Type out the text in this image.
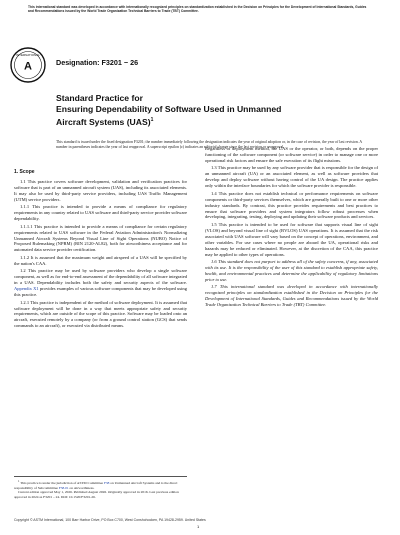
This international standard was developed in accordance with internationally recognized principles on standardization established in the Decision on Principles for the Development of International Standards, Guides and Recommendations issued by the World Trade Organization Technical Barriers to Trade (TBT) Committee.
A
INTERNATIONAL
Designation: F3201 − 26
Standard Practice for
Ensuring Dependability of Software Used in Unmanned
Aircraft Systems (UAS)$^1$
This standard is issued under the fixed designation F3201; the number immediately following the designation indicates the year of original adoption or, in the case of revision, the year of last revision. A number in parentheses indicates the year of last reapproval. A superscript epsilon (ε) indicates an editorial change since the last revision or reapproval.
1. Scope

1.1 This practice covers software development, validation and verification practices for software that is part of an unmanned aircraft system (UAS), including its associated elements. It may also be used by third-party service providers, including UAS Traffic Management (UTM) service providers.

1.1.1 This practice is intended to provide a means of compliance for regulatory requirements in any country related to UAS software and third-party service provider software dependability.

1.1.1.1 This practice is intended to provide a means of compliance for certain regulatory requirements related to UAS software in the Federal Aviation Administration's Normalizing Unmanned Aircraft Systems Beyond Visual Line of Sight Operations (NUBO) Notice of Proposed Rulemaking (NPRM) (RIN 2120-AL82), both for airworthiness acceptance and for automated data service provider certification.

1.1.2 It is assumed that the maximum weight and airspeed of a UAS will be specified by the nation's CAA.

1.2 This practice may be used by software providers who develop a single software component, as well as for end-to-end assessment of the dependability of all software integrated in a UAS. Dependability includes both the safety and security aspects of the software. Appendix X1 provides examples of various software components that may be developed using this practice.

1.2.1 This practice is independent of the method of software deployment. It is assumed that software deployment will be done in a way that meets appropriate safety and security requirements, which are outside of the scope of this practice. Software may be loaded onto an aircraft, executed remotely by a company (or from a ground control station (GCS) that sends commands to an aircraft), or executed via distributed means.

Regardless of deployment method, the UAS or the operator, or both, depends on the proper functioning of the software component (or software service) in order to manage one or more operational risk factors and ensure the safe execution of its flight missions.

1.3 This practice may be used by any software provider that is responsible for the design of an unmanned aircraft (UA) or an associated element, as well as software providers that develop and deploy software without having control of the UA design. The practice applies only within the interface boundaries for which the software provider is responsible.

1.4 This practice does not establish technical or performance requirements on software components or third-party services themselves, which are generally built to one or more other industry standards. By contrast, this practice provides requirements and best practices to ensure that software providers and system integrators follow robust processes when developing, integrating, testing, deploying and updating their software products and services.

1.5 This practice is intended to be used for software that supports visual line of sight (VLOS) and beyond visual line of sight (BVLOS) UAS operations. It is assumed that the risk associated with UAS software will vary based on the concept of operations, environment, and other variables. For use cases where no people are aboard the UA, operational risks and hazards may be reduced or eliminated. However, at the discretion of the CAA, this practice may be applied to other types of operations.

1.6 This standard does not purport to address all of the safety concerns, if any, associated with its use. It is the responsibility of the user of this standard to establish appropriate safety, health, and environmental practices and determine the applicability of regulatory limitations prior to use.

1.7 This international standard was developed in accordance with internationally recognized principles on standardization established in the Decision on Principles for the Development of International Standards, Guides and Recommendations issued by the World Trade Organization Technical Barriers to Trade (TBT) Committee.

$^1$ This practice is under the jurisdiction of ASTM Committee F38 on Unmanned Aircraft Systems and is the direct responsibility of Subcommittee F38.01 on Airworthiness.

Current edition approved May 1, 2026. Published August 2026. Originally approved in 2016. Last previous edition approved in 2024 as F3201 – 24. DOI: 10.1520/F3201-26.

Copyright © ASTM International, 100 Barr Harbor Drive, PO Box C700, West Conshohocken, PA 19428-2959. United States
1
